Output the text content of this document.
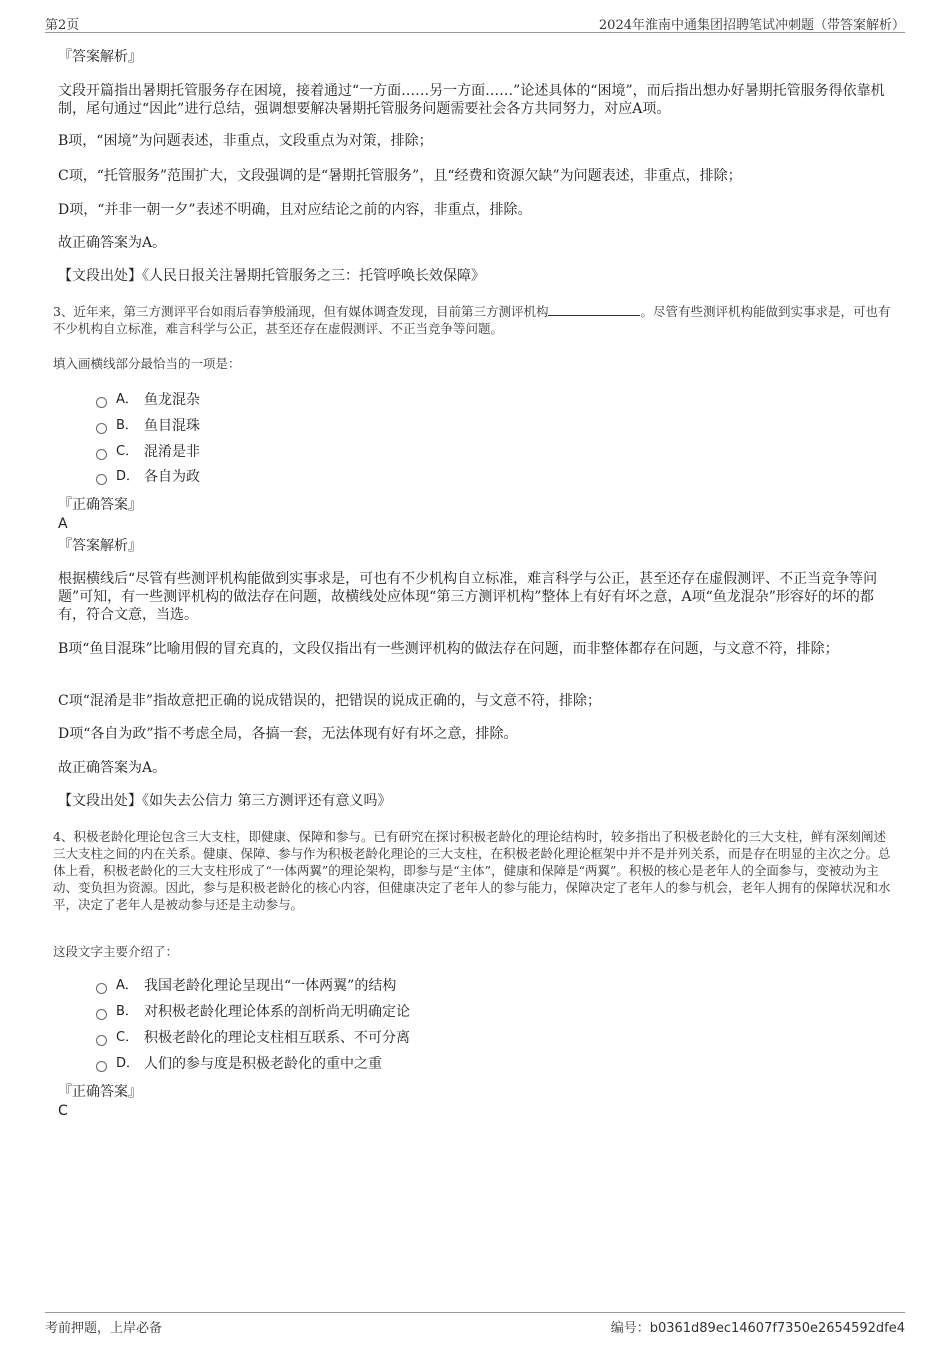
第2页	2024年淮南中通集团招聘笔试冲刺题（带答案解析）
『答案解析』
文段开篇指出暑期托管服务存在困境，接着通过“一方面……另一方面……”论述具体的“困境”，而后指出想办好暑期托管服务得依靠机制，尾句通过“因此”进行总结，强调想要解决暑期托管服务问题需要社会各方共同努力，对应A项。
B项，“困境”为问题表述，非重点，文段重点为对策，排除；
C项，“托管服务”范围扩大，文段强调的是“暑期托管服务”，且“经费和资源欠缺”为问题表述，非重点，排除；
D项，“并非一朝一夕”表述不明确，且对应结论之前的内容，非重点，排除。
故正确答案为A。
【文段出处】《人民日报关注暑期托管服务之三：托管呼唤长效保障》
3、近年来，第三方测评平台如雨后春笋般涌现，但有媒体调查发现，目前第三方测评机构	。尽管有些测评机构能做到实事求是，可也有不少机构自立标准，难言科学与公正，甚至还存在虚假测评、不正当竞争等问题。
填入画横线部分最恰当的一项是：
A． 鱼龙混杂
B． 鱼目混珠
C． 混淆是非
D． 各自为政
『正确答案』
A
『答案解析』
根据横线后“尽管有些测评机构能做到实事求是，可也有不少机构自立标准，难言科学与公正，甚至还存在虚假测评、不正当竞争等问题”可知，有一些测评机构的做法存在问题，故横线处应体现“第三方测评机构”整体上有好有坏之意，A项“鱼龙混杂”形容好的坏的都有，符合文意，当选。
B项“鱼目混珠”比喻用假的冒充真的，文段仅指出有一些测评机构的做法存在问题，而非整体都存在问题，与文意不符，排除；
C项“混淆是非”指故意把正确的说成错误的，把错误的说成正确的，与文意不符，排除；
D项“各自为政”指不考虑全局，各搞一套，无法体现有好有坏之意，排除。
故正确答案为A。
【文段出处】《如失去公信力 第三方测评还有意义吗》
4、积极老龄化理论包含三大支柱，即健康、保障和参与。已有研究在探讨积极老龄化的理论结构时，较多指出了积极老龄化的三大支柱，鲜有深刻阐述三大支柱之间的内在关系。健康、保障、参与作为积极老龄化理论的三大支柱，在积极老龄化理论框架中并不是并列关系，而是存在明显的主次之分。总体上看，积极老龄化的三大支柱形成了“一体两翼”的理论架构，即参与是“主体”，健康和保障是“两翼”。积极的核心是老年人的全面参与，变被动为主动、变负担为资源。因此，参与是积极老龄化的核心内容，但健康决定了老年人的参与能力，保障决定了老年人的参与机会，老年人拥有的保障状况和水平，决定了老年人是被动参与还是主动参与。
这段文字主要介绍了：
A． 我国老龄化理论呈现出“一体两翼”的结构
B． 对积极老龄化理论体系的剖析尚无明确定论
C． 积极老龄化的理论支柱相互联系、不可分离
D． 人们的参与度是积极老龄化的重中之重
『正确答案』
C
考前押题，上岸必备	编号：b0361d89ec14607f7350e2654592dfe4
